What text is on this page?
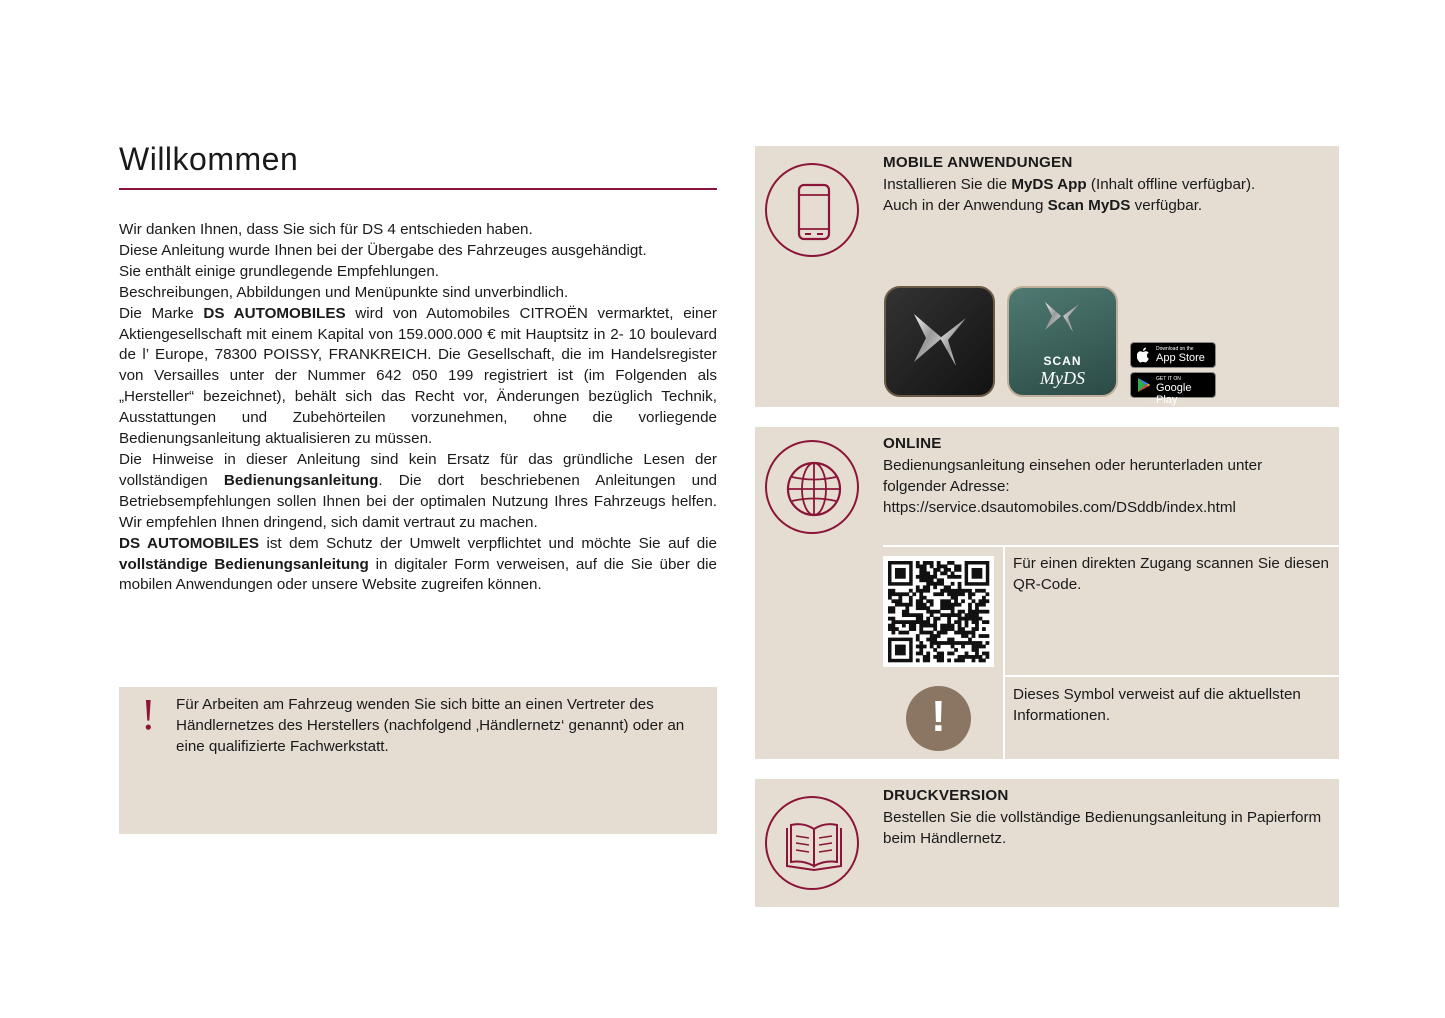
Willkommen

Wir danken Ihnen, dass Sie sich für DS 4 entschieden haben.

Diese Anleitung wurde Ihnen bei der Übergabe des Fahrzeuges ausgehändigt.

Sie enthält einige grundlegende Empfehlungen.

Beschreibungen, Abbildungen und Menüpunkte sind unverbindlich.

Die Marke DS AUTOMOBILES wird von Automobiles CITROËN vermarktet, einer Aktiengesellschaft mit einem Kapital von 159.000.000 € mit Hauptsitz in 2- 10 boulevard de l’ Europe, 78300 POISSY, FRANKREICH. Die Gesellschaft, die im Handelsregister von Versailles unter der Nummer 642 050 199 registriert ist (im Folgenden als „Hersteller“ bezeichnet), behält sich das Recht vor, Änderungen bezüglich Technik, Ausstattungen und Zubehörteilen vorzunehmen, ohne die vorliegende Bedienungsanleitung aktualisieren zu müssen.

Die Hinweise in dieser Anleitung sind kein Ersatz für das gründliche Lesen der vollständigen Bedienungsanleitung. Die dort beschriebenen Anleitungen und Betriebsempfehlungen sollen Ihnen bei der optimalen Nutzung Ihres Fahrzeugs helfen. Wir empfehlen Ihnen dringend, sich damit vertraut zu machen.

DS AUTOMOBILES ist dem Schutz der Umwelt verpflichtet und möchte Sie auf die vollständige Bedienungsanleitung in digitaler Form verweisen, auf die Sie über die mobilen Anwendungen oder unsere Website zugreifen können.

! Für Arbeiten am Fahrzeug wenden Sie sich bitte an einen Vertreter des Händlernetzes des Herstellers (nachfolgend ‚Händlernetz‘ genannt) oder an eine qualifizierte Fachwerkstatt.
MOBILE ANWENDUNGEN
Installieren Sie die MyDS App (Inhalt offline verfügbar).
Auch in der Anwendung Scan MyDS verfügbar.
SCAN
MyDS
Download on the
App Store
GET IT ON
Google Play
ONLINE
Bedienungsanleitung einsehen oder herunterladen unter folgender Adresse:
https://service.dsautomobiles.com/DSddb/index.html
Für einen direkten Zugang scannen Sie diesen QR-Code.
!	Dieses Symbol verweist auf die aktuellsten Informationen.
DRUCKVERSION
Bestellen Sie die vollständige Bedienungsanleitung in Papierform beim Händlernetz.
